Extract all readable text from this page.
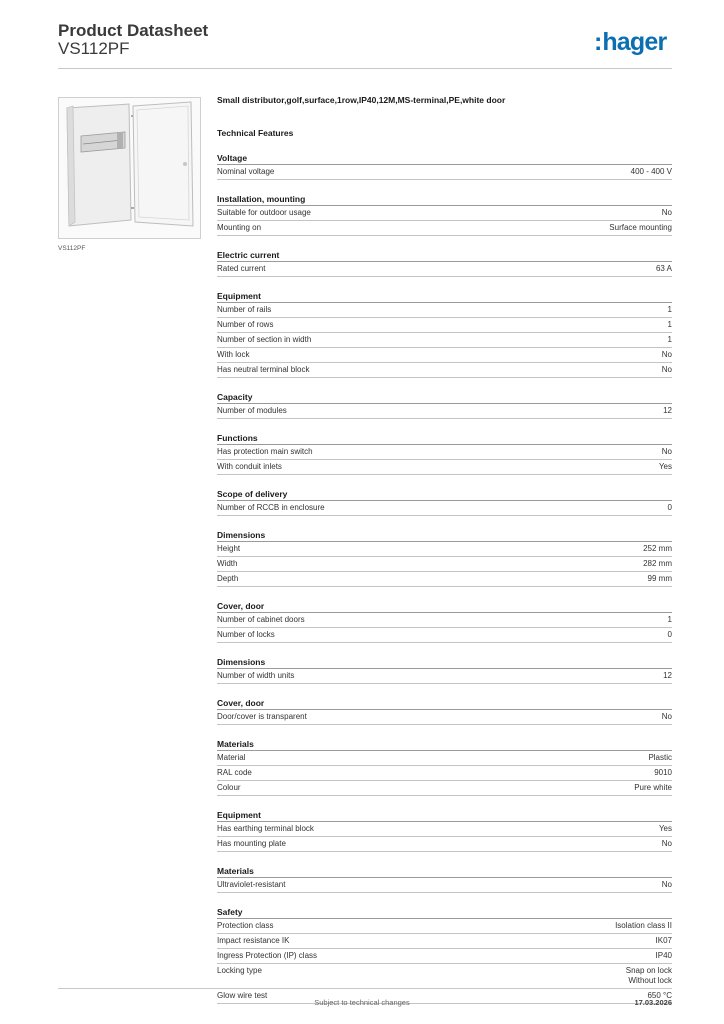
Product Datasheet
VS112PF	:hager
VS112PF
Small distributor,golf,surface,1row,IP40,12M,MS-terminal,PE,white door
Technical Features
Voltage
Nominal voltage	400 - 400 V
Installation, mounting
Suitable for outdoor usage	No
Mounting on	Surface mounting
Electric current
Rated current	63 A
Equipment
Number of rails	1
Number of rows	1
Number of section in width	1
With lock	No
Has neutral terminal block	No
Capacity
Number of modules	12
Functions
Has protection main switch	No
With conduit inlets	Yes
Scope of delivery
Number of RCCB in enclosure	0
Dimensions
Height	252 mm
Width	282 mm
Depth	99 mm
Cover, door
Number of cabinet doors	1
Number of locks	0
Dimensions
Number of width units	12
Cover, door
Door/cover is transparent	No
Materials
Material	Plastic
RAL code	9010
Colour	Pure white
Equipment
Has earthing terminal block	Yes
Has mounting plate	No
Materials
Ultraviolet-resistant	No
Safety
Protection class	Isolation class II
Impact resistance IK	IK07
Ingress Protection (IP) class	IP40
Locking type	Snap on lock
Without lock
Glow wire test	650 °C
Subject to technical changes	17.03.2026
